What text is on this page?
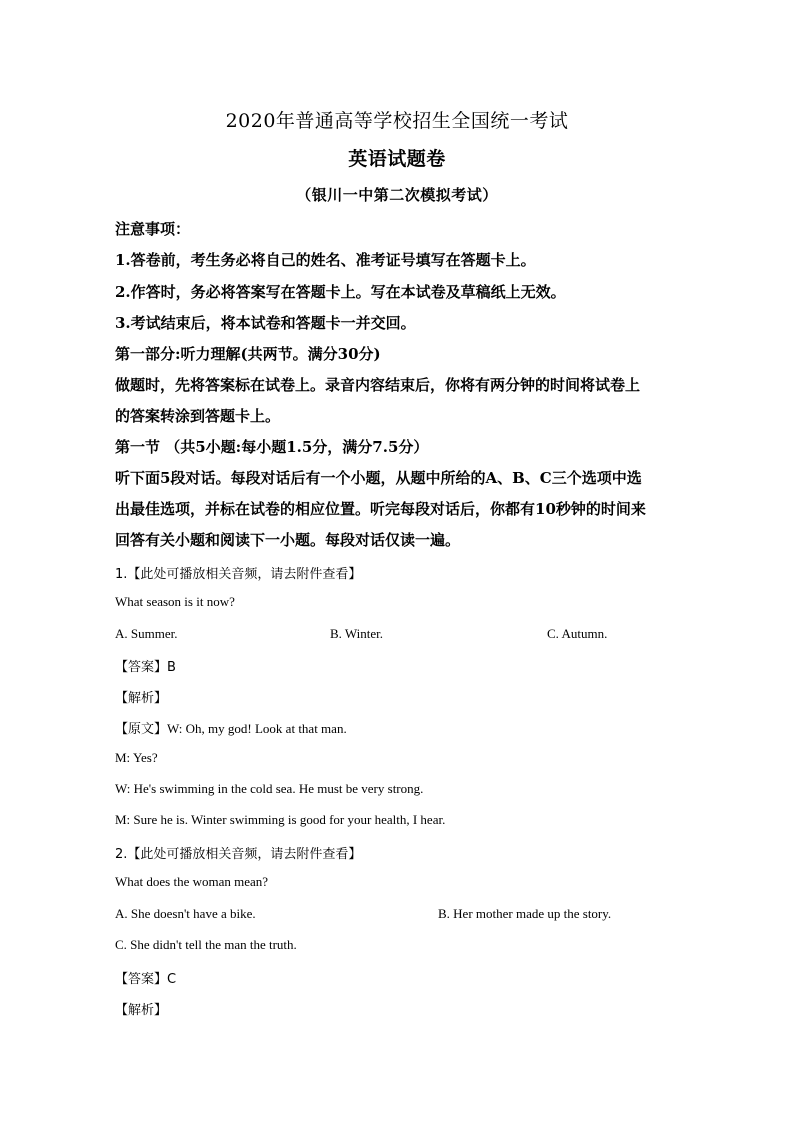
2020年普通高等学校招生全国统一考试
英语试题卷
（银川一中第二次模拟考试）
注意事项：
1.答卷前，考生务必将自己的姓名、准考证号填写在答题卡上。
2.作答时，务必将答案写在答题卡上。写在本试卷及草稿纸上无效。
3.考试结束后，将本试卷和答题卡一并交回。
第一部分:听力理解(共两节。满分30分)
做题时，先将答案标在试卷上。录音内容结束后，你将有两分钟的时间将试卷上
的答案转涂到答题卡上。
第一节 （共5小题:每小题1.5分，满分7.5分）
听下面5段对话。每段对话后有一个小题，从题中所给的A、B、C三个选项中选
出最佳选项，并标在试卷的相应位置。听完每段对话后，你都有10秒钟的时间来
回答有关小题和阅读下一小题。每段对话仅读一遍。
1.【此处可播放相关音频，请去附件查看】
What season is it now?
A. Summer.	B. Winter.	C. Autumn.
【答案】B
【解析】
【原文】W: Oh, my god! Look at that man.
M: Yes?
W: He's swimming in the cold sea. He must be very strong.
M: Sure he is. Winter swimming is good for your health, I hear.
2.【此处可播放相关音频，请去附件查看】
What does the woman mean?
A. She doesn't have a bike.	B. Her mother made up the story.
C. She didn't tell the man the truth.
【答案】C
【解析】
